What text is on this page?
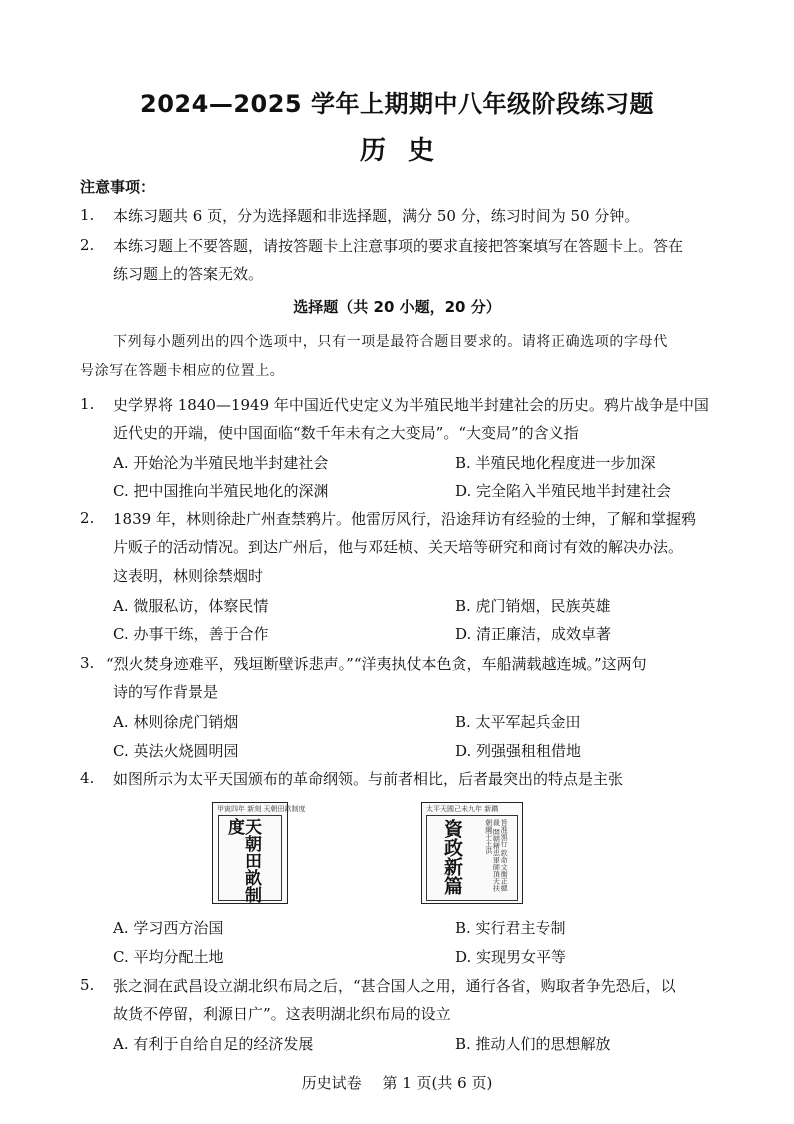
2024—2025 学年上期期中八年级阶段练习题
历史
注意事项：
1. 本练习题共 6 页，分为选择题和非选择题，满分 50 分，练习时间为 50 分钟。
2. 本练习题上不要答题，请按答题卡上注意事项的要求直接把答案填写在答题卡上。答在
练习题上的答案无效。
选择题（共 20 小题，20 分）
下列每小题列出的四个选项中，只有一项是最符合题目要求的。请将正确选项的字母代
号涂写在答题卡相应的位置上。
1. 史学界将 1840—1949 年中国近代史定义为半殖民地半封建社会的历史。鸦片战争是中国
近代史的开端，使中国面临“数千年未有之大变局”。“大变局”的含义指
A. 开始沦为半殖民地半封建社会	B. 半殖民地化程度进一步加深
C. 把中国推向半殖民地化的深渊	D. 完全陷入半殖民地半封建社会
2. 1839 年，林则徐赴广州查禁鸦片。他雷厉风行，沿途拜访有经验的士绅，了解和掌握鸦
片贩子的活动情况。到达广州后，他与邓廷桢、关天培等研究和商讨有效的解决办法。
这表明，林则徐禁烟时
A. 微服私访，体察民情	B. 虎门销烟，民族英雄
C. 办事干练，善于合作	D. 清正廉洁，成效卓著
3. “烈火焚身迹难平，残垣断壁诉悲声。”“洋夷执仗本色贪，车船满载越连城。”这两句
诗的写作背景是
A. 林则徐虎门销烟	B. 太平军起兵金田
C. 英法火烧圆明园	D. 列强强租租借地
4. 如图所示为太平天国颁布的革命纲领。与前者相比，后者最突出的特点是主张
甲寅四年 新刻 天朝田畝制度
天朝田畝制度
太平天國己未九年 新鐫
資政新篇	旨准頒行 欽命文衡正總裁 開朝精忠軍師頂天扶朝綱干王洪
A. 学习西方治国	B. 实行君主专制
C. 平均分配土地	D. 实现男女平等
5. 张之洞在武昌设立湖北织布局之后，“甚合国人之用，通行各省，购取者争先恐后，以
故货不停留，利源日广”。这表明湖北织布局的设立
A. 有利于自给自足的经济发展	B. 推动人们的思想解放
历史试卷 第 1 页(共 6 页)
